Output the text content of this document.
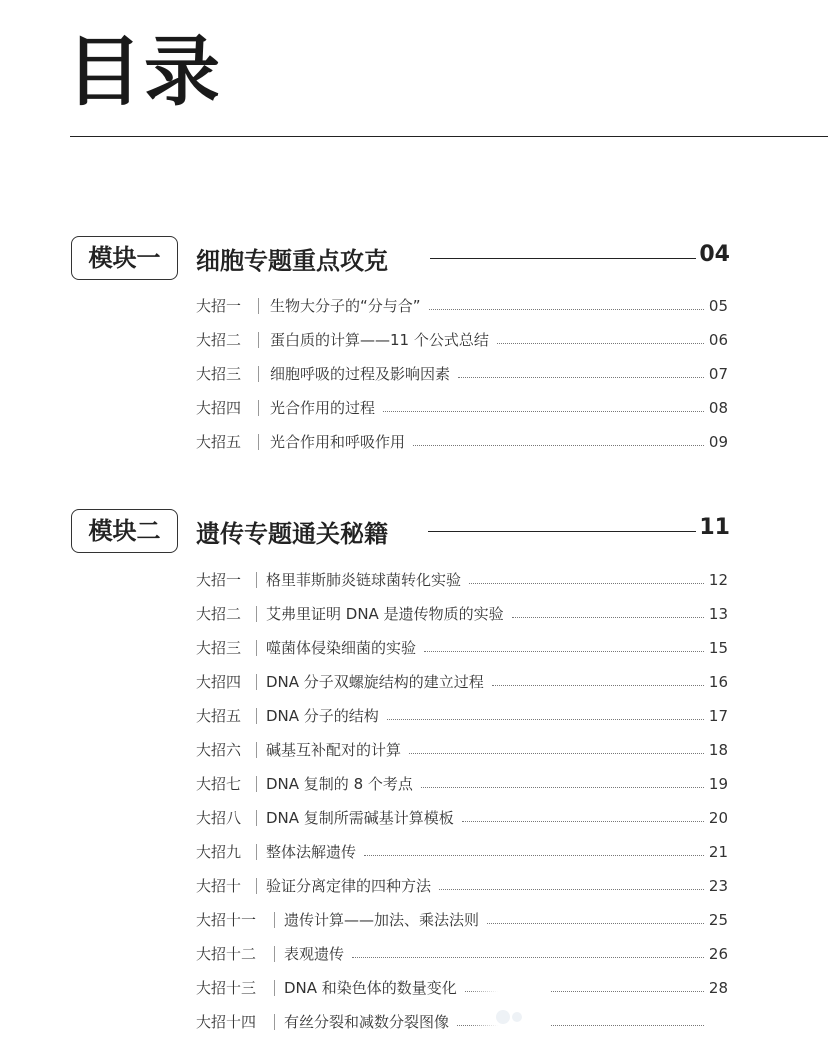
目录
模块一	细胞专题重点攻克	04
大招一 生物大分子的“分与合”	05
大招二 蛋白质的计算——11 个公式总结	06
大招三 细胞呼吸的过程及影响因素	07
大招四 光合作用的过程	08
大招五 光合作用和呼吸作用	09
模块二	遗传专题通关秘籍	11
大招一 格里菲斯肺炎链球菌转化实验	12
大招二 艾弗里证明 DNA 是遗传物质的实验	13
大招三 噬菌体侵染细菌的实验	15
大招四 DNA 分子双螺旋结构的建立过程	16
大招五 DNA 分子的结构	17
大招六 碱基互补配对的计算	18
大招七 DNA 复制的 8 个考点	19
大招八 DNA 复制所需碱基计算模板	20
大招九 整体法解遗传	21
大招十 验证分离定律的四种方法	23
大招十一 遗传计算——加法、乘法法则	25
大招十二 表观遗传	26
大招十三 DNA 和染色体的数量变化	28
大招十四 有丝分裂和减数分裂图像
